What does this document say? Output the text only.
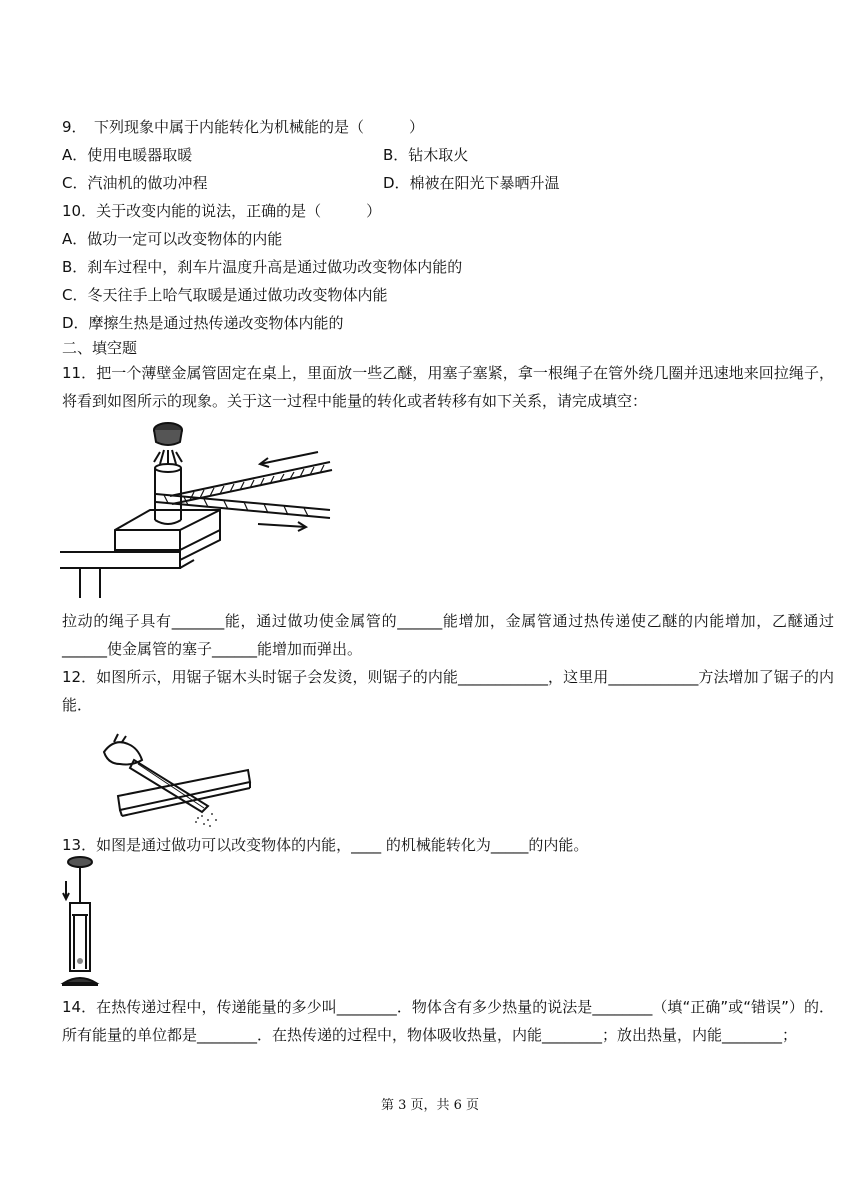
9．　下列现象中属于内能转化为机械能的是（　　　）
A．使用电暖器取暖	B．钻木取火
C．汽油机的做功冲程	D．棉被在阳光下暴晒升温
10．关于改变内能的说法，正确的是（　　　）
A．做功一定可以改变物体的内能
B．刹车过程中，刹车片温度升高是通过做功改变物体内能的
C．冬天往手上哈气取暖是通过做功改变物体内能
D．摩擦生热是通过热传递改变物体内能的
二、填空题
11．把一个薄壁金属管固定在桌上，里面放一些乙醚，用塞子塞紧，拿一根绳子在管外绕几圈并迅速地来回拉绳子，将看到如图所示的现象。关于这一过程中能量的转化或者转移有如下关系，请完成填空：
拉动的绳子具有_______能，通过做功使金属管的______能增加，金属管通过热传递使乙醚的内能增加，乙醚通过______使金属管的塞子______能增加而弹出。
12．如图所示，用锯子锯木头时锯子会发烫，则锯子的内能____________，这里用____________方法增加了锯子的内能．
13．如图是通过做功可以改变物体的内能，____ 的机械能转化为_____的内能。
14．在热传递过程中，传递能量的多少叫________．物体含有多少热量的说法是________（填“正确”或“错误”）的．所有能量的单位都是________．在热传递的过程中，物体吸收热量，内能________；放出热量，内能________；
第 3 页，共 6 页
